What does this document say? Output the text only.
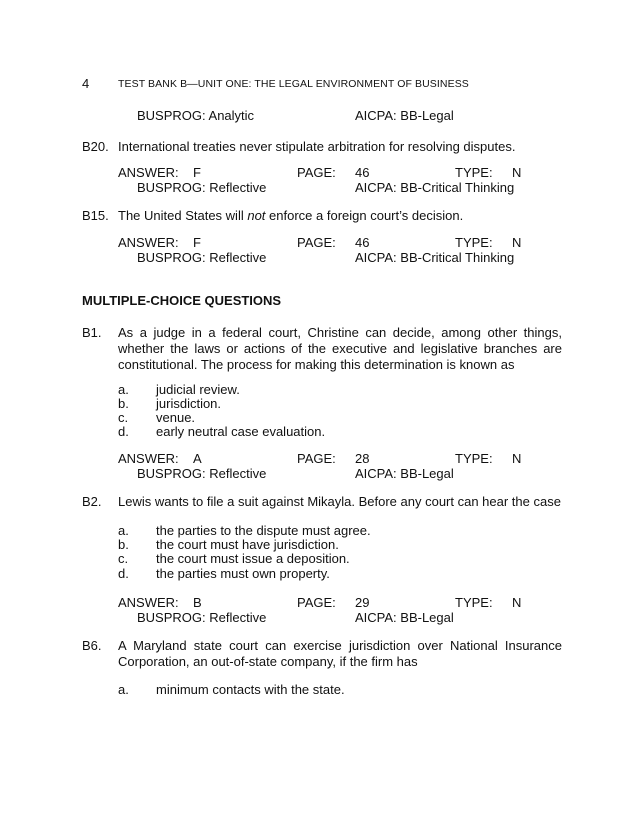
4	TEST BANK B—UNIT ONE: THE LEGAL ENVIRONMENT OF BUSINESS
BUSPROG: Analytic	AICPA: BB-Legal
B20. International treaties never stipulate arbitration for resolving disputes.
ANSWER: F	PAGE: 46	TYPE: N
BUSPROG: Reflective	AICPA: BB-Critical Thinking
B15. The United States will not enforce a foreign court’s decision.
ANSWER: F	PAGE: 46	TYPE: N
BUSPROG: Reflective	AICPA: BB-Critical Thinking
MULTIPLE-CHOICE QUESTIONS
B1. As a judge in a federal court, Christine can decide, among other things, whether the laws or actions of the executive and legislative branches are constitutional. The process for making this determination is known as
a. judicial review.
b. jurisdiction.
c. venue.
d. early neutral case evaluation.
ANSWER: A	PAGE: 28	TYPE: N
BUSPROG: Reflective	AICPA: BB-Legal
B2. Lewis wants to file a suit against Mikayla. Before any court can hear the case
a. the parties to the dispute must agree.
b. the court must have jurisdiction.
c. the court must issue a deposition.
d. the parties must own property.
ANSWER: B	PAGE: 29	TYPE: N
BUSPROG: Reflective	AICPA: BB-Legal
B6. A Maryland state court can exercise jurisdiction over National Insurance Corporation, an out-of-state company, if the firm has
a. minimum contacts with the state.
